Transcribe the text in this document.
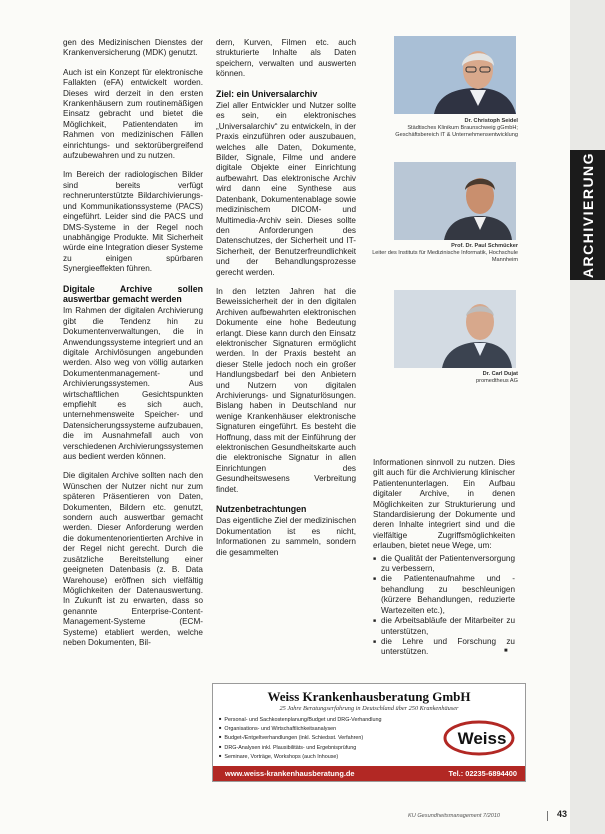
ARCHIVIERUNG

gen des Medizinischen Dienstes der Krankenversicherung (MDK) genutzt.

Auch ist ein Konzept für elektronische Fallakten (eFA) entwickelt worden. Dieses wird derzeit in den ersten Krankenhäusern zum routinemäßigen Einsatz gebracht und bietet die Möglichkeit, Patientendaten im Rahmen von medizinischen Fällen einrichtungs- und sektorübergreifend aufzubewahren und zu nutzen.

Im Bereich der radiologischen Bilder sind bereits verfügt rechnerunterstützte Bildarchivierungs- und Kommunikationssysteme (PACS) eingeführt. Leider sind die PACS und DMS-Systeme in der Regel noch unabhängige Produkte. Mit Sicherheit würde eine Integration dieser Systeme zu einigen spürbaren Synergieeffekten führen.

Digitale Archive sollen auswertbar gemacht werden

Im Rahmen der digitalen Archivierung gibt die Tendenz hin zu Dokumentenverwaltungen, die in Anwendungssysteme integriert und an digitale Archivlösungen angebunden werden. Also weg von völlig autarken Dokumentenmanagement- und Archivierungssystemen. Aus wirtschaftlichen Gesichtspunkten empfiehlt es sich auch, unternehmensweite Speicher- und Datensicherungssysteme aufzubauen, die im Ausnahmefall auch von verschiedenen Archivierungssystemen aus bedient werden können.

Die digitalen Archive sollten nach den Wünschen der Nutzer nicht nur zum späteren Präsentieren von Daten, Dokumenten, Bildern etc. genutzt, sondern auch auswertbar gemacht werden. Dieser Anforderung werden die dokumentenorientierten Archive in der Regel nicht gerecht. Durch die zusätzliche Bereitstellung einer geeigneten Datenbasis (z. B. Data Warehouse) eröffnen sich vielfältig Möglichkeiten der Datenauswertung. In Zukunft ist zu erwarten, dass so genannte Enterprise-Content-Management-Systeme (ECM-Systeme) etabliert werden, welche neben Dokumenten, Bil-

dern, Kurven, Filmen etc. auch strukturierte Inhalte als Daten speichern, verwalten und auswerten können.

Ziel: ein Universalarchiv

Ziel aller Entwickler und Nutzer sollte es sein, ein elektronisches „Universalarchiv“ zu entwickeln, in der Praxis einzuführen oder auszubauen, welches alle Daten, Dokumente, Bilder, Signale, Filme und andere digitale Objekte einer Einrichtung aufbewahrt. Das elektronische Archiv wird dann eine Synthese aus Datenbank, Dokumentenablage sowie medizinischem DICOM- und Multimedia-Archiv sein. Dieses sollte den Anforderungen des Datenschutzes, der Sicherheit und IT-Sicherheit, der Benutzerfreundlichkeit und der Behandlungsprozesse gerecht werden.

In den letzten Jahren hat die Beweissicherheit der in den digitalen Archiven aufbewahrten elektronischen Dokumente eine hohe Bedeutung erlangt. Diese kann durch den Einsatz elektronischer Signaturen ermöglicht werden. In der Praxis besteht an dieser Stelle jedoch noch ein großer Handlungsbedarf bei den Anbietern und Nutzern von digitalen Archivierungs- und Signaturlösungen. Bislang haben in Deutschland nur wenige Krankenhäuser elektronische Signaturen eingeführt. Es besteht die Hoffnung, dass mit der Einführung der elektronischen Gesundheitskarte auch die elektronische Signatur in allen Einrichtungen des Gesundheitswesens Verbreitung findet.

Nutzenbetrachtungen

Das eigentliche Ziel der medizinischen Dokumentation ist es nicht, Informationen zu sammeln, sondern die gesammelten

Dr. Christoph Seidel
Städtisches Klinikum Braunschweig gGmbH; Geschäftsbereich IT & Unternehmensentwicklung
Prof. Dr. Paul Schmücker
Leiter des Instituts für Medizinische Informatik, Hochschule Mannheim
Dr. Carl Dujat
promedtheus AG

Informationen sinnvoll zu nutzen. Dies gilt auch für die Archivierung klinischer Patientenunterlagen. Ein Aufbau digitaler Archive, in denen Möglichkeiten zur Strukturierung und Standardisierung der Dokumente und deren Inhalte integriert sind und die vielfältige Zugriffsmöglichkeiten erlauben, bietet neue Wege, um:

■ die Qualität der Patientenversorgung zu verbessern,
■ die Patientenaufnahme und -behandlung zu beschleunigen (kürzere Behandlungen, reduzierte Wartezeiten etc.),
■ die Arbeitsabläufe der Mitarbeiter zu unterstützen,
■ die Lehre und Forschung zu unterstützen.	■
Weiss Krankenhausberatung GmbH
25 Jahre Beratungserfahrung in Deutschland über 250 Krankenhäuser
■ Personal- und Sachkostenplanung/Budget und DRG-Verhandlung
■ Organisations- und Wirtschaftlichkeitsanalysen
■ Budget-/Entgeltverhandlungen (inkl. Schiedsst. Verfahren)
■ DRG-Analysen inkl. Plausibilitäts- und Ergebnisprüfung
■ Seminare, Vorträge, Workshops (auch Inhouse)
Weiss
www.weiss-krankenhausberatung.de	Tel.: 02235-6894400
KU Gesundheitsmanagement 7/2010	43
